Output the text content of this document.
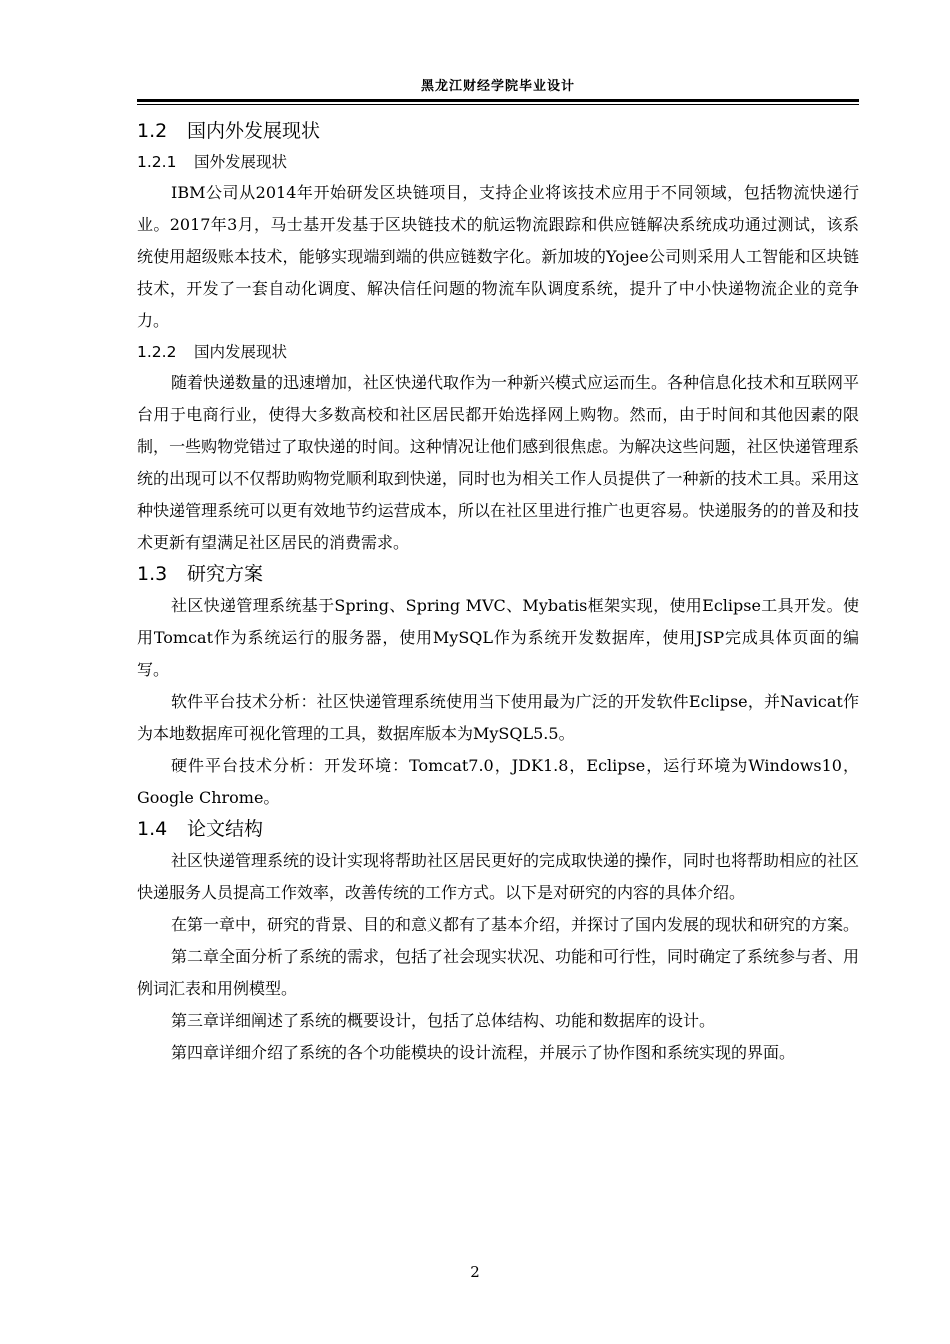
黑龙江财经学院毕业设计
1.2 国内外发展现状
1.2.1 国外发展现状

IBM公司从2014年开始研发区块链项目，支持企业将该技术应用于不同领域，包括物流快递行业。2017年3月，马士基开发基于区块链技术的航运物流跟踪和供应链解决系统成功通过测试，该系统使用超级账本技术，能够实现端到端的供应链数字化。新加坡的Yojee公司则采用人工智能和区块链技术，开发了一套自动化调度、解决信任问题的物流车队调度系统，提升了中小快递物流企业的竞争力。

1.2.2 国内发展现状

随着快递数量的迅速增加，社区快递代取作为一种新兴模式应运而生。各种信息化技术和互联网平台用于电商行业，使得大多数高校和社区居民都开始选择网上购物。然而，由于时间和其他因素的限制，一些购物党错过了取快递的时间。这种情况让他们感到很焦虑。为解决这些问题，社区快递管理系统的出现可以不仅帮助购物党顺利取到快递，同时也为相关工作人员提供了一种新的技术工具。采用这种快递管理系统可以更有效地节约运营成本，所以在社区里进行推广也更容易。快递服务的的普及和技术更新有望满足社区居民的消费需求。

1.3 研究方案

社区快递管理系统基于Spring、Spring MVC、Mybatis框架实现，使用Eclipse工具开发。使用Tomcat作为系统运行的服务器，使用MySQL作为系统开发数据库，使用JSP完成具体页面的编写。

软件平台技术分析：社区快递管理系统使用当下使用最为广泛的开发软件Eclipse，并Navicat作为本地数据库可视化管理的工具，数据库版本为MySQL5.5。

硬件平台技术分析：开发环境：Tomcat7.0，JDK1.8，Eclipse，运行环境为Windows10，Google Chrome。

1.4 论文结构

社区快递管理系统的设计实现将帮助社区居民更好的完成取快递的操作，同时也将帮助相应的社区快递服务人员提高工作效率，改善传统的工作方式。以下是对研究的内容的具体介绍。

在第一章中，研究的背景、目的和意义都有了基本介绍，并探讨了国内发展的现状和研究的方案。

第二章全面分析了系统的需求，包括了社会现实状况、功能和可行性，同时确定了系统参与者、用例词汇表和用例模型。

第三章详细阐述了系统的概要设计，包括了总体结构、功能和数据库的设计。

第四章详细介绍了系统的各个功能模块的设计流程，并展示了协作图和系统实现的界面。

2
